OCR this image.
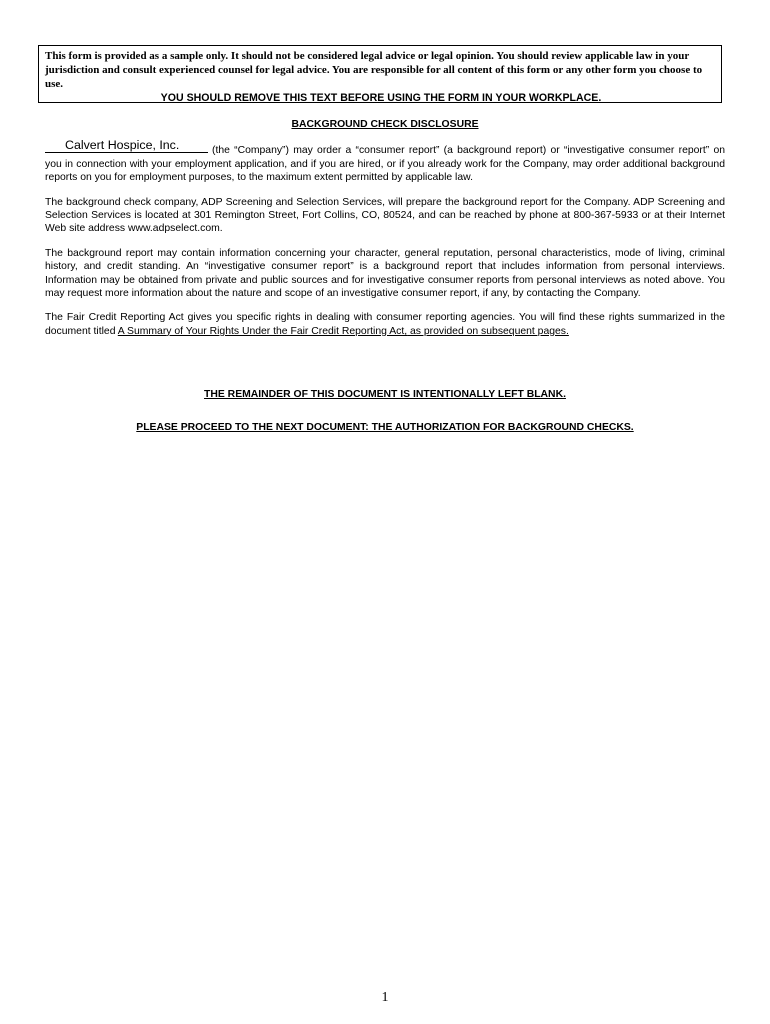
This form is provided as a sample only. It should not be considered legal advice or legal opinion. You should review applicable law in your jurisdiction and consult experienced counsel for legal advice. You are responsible for all content of this form or any other form you choose to use.

YOU SHOULD REMOVE THIS TEXT BEFORE USING THE FORM IN YOUR WORKPLACE.

BACKGROUND CHECK DISCLOSURE

Calvert Hospice, Inc.	(the “Company”) may order a “consumer report” (a background report) or “investigative consumer report” on you in connection with your employment application, and if you are hired, or if you already work for the Company, may order additional background reports on you for employment purposes, to the maximum extent permitted by applicable law.

The background check company, ADP Screening and Selection Services, will prepare the background report for the Company. ADP Screening and Selection Services is located at 301 Remington Street, Fort Collins, CO, 80524, and can be reached by phone at 800-367-5933 or at their Internet Web site address www.adpselect.com.

The background report may contain information concerning your character, general reputation, personal characteristics, mode of living, criminal history, and credit standing. An “investigative consumer report” is a background report that includes information from personal interviews. Information may be obtained from private and public sources and for investigative consumer reports from personal interviews as noted above. You may request more information about the nature and scope of an investigative consumer report, if any, by contacting the Company.

The Fair Credit Reporting Act gives you specific rights in dealing with consumer reporting agencies. You will find these rights summarized in the document titled A Summary of Your Rights Under the Fair Credit Reporting Act, as provided on subsequent pages.

THE REMAINDER OF THIS DOCUMENT IS INTENTIONALLY LEFT BLANK.

PLEASE PROCEED TO THE NEXT DOCUMENT: THE AUTHORIZATION FOR BACKGROUND CHECKS.

1
